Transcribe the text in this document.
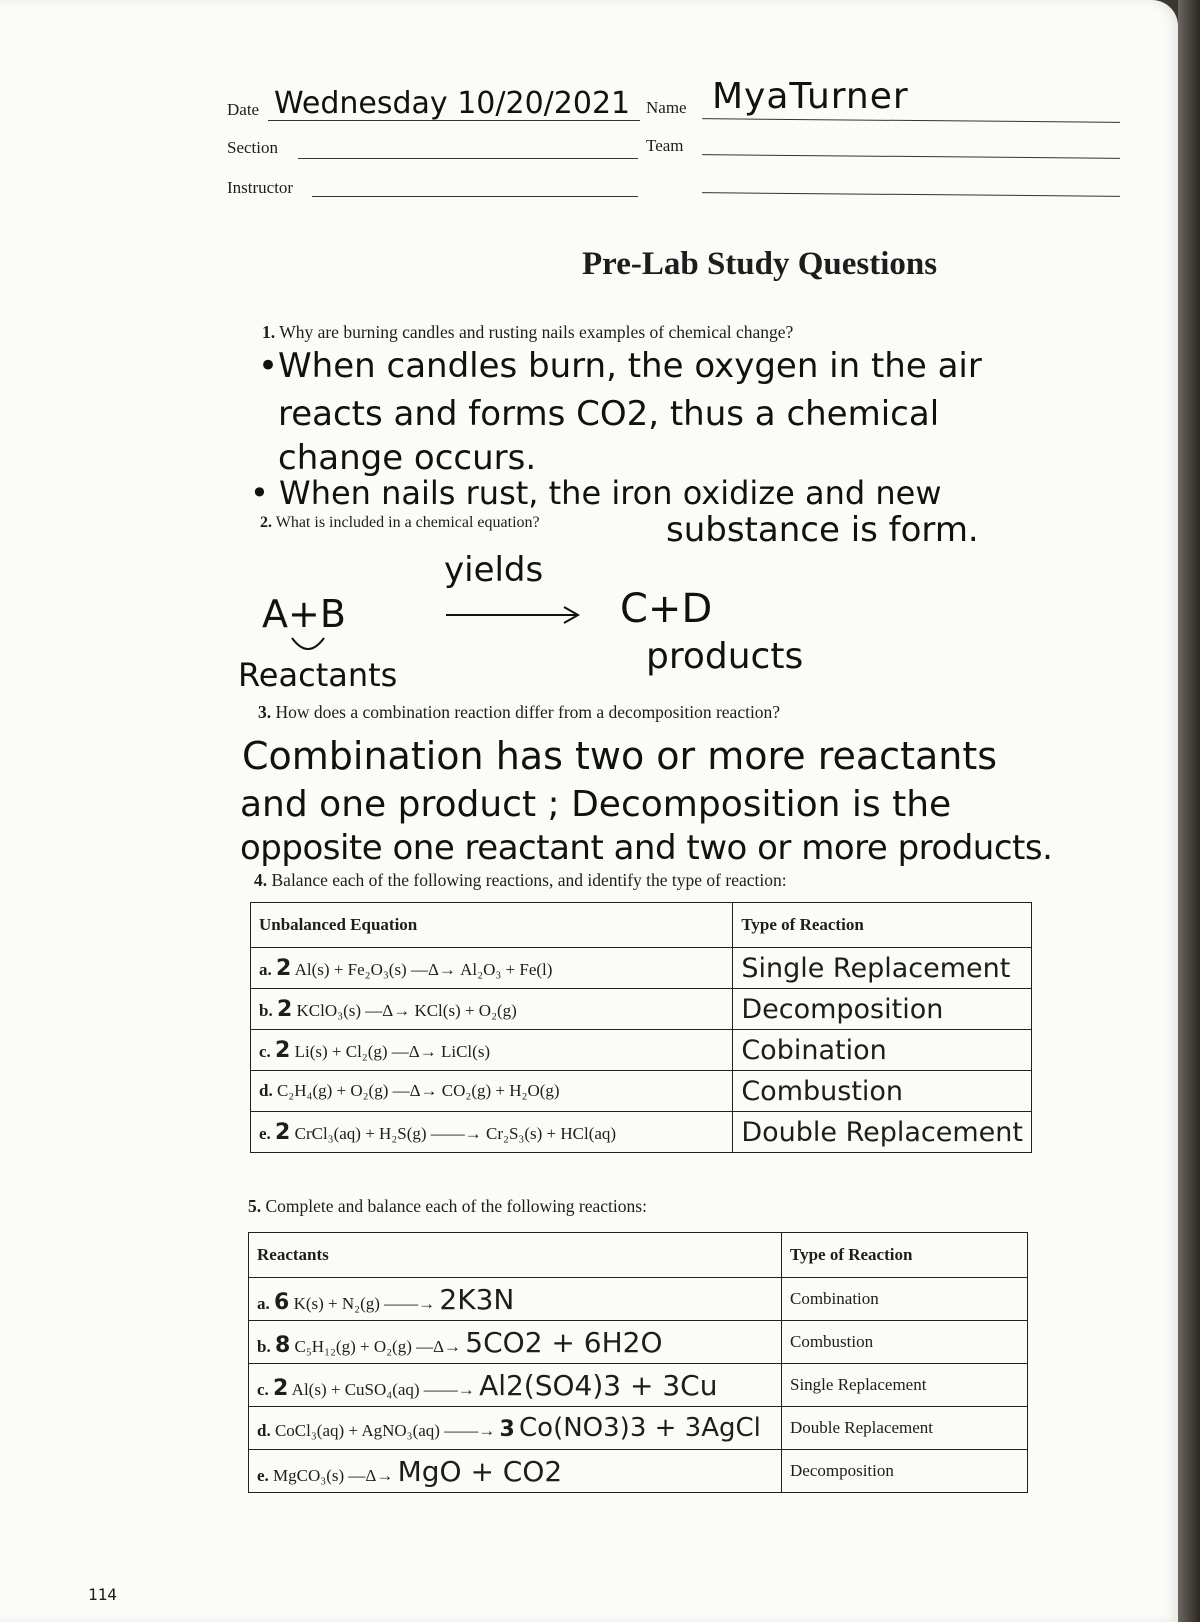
Date Wednesday 10/20/2021 Name MyaTurner
Section	Team
Instructor
Pre-Lab Study Questions
1. Why are burning candles and rusting nails examples of chemical change?
•When candles burn, the oxygen in the air
reacts and forms CO2, thus a chemical
change occurs.
• When nails rust, the iron oxidize and new
substance is form.
2. What is included in a chemical equation?
yields
A+B	C+D
Reactants	products
3. How does a combination reaction differ from a decomposition reaction?
Combination has two or more reactants
and one product ; Decomposition is the
opposite one reactant and two or more products.
4. Balance each of the following reactions, and identify the type of reaction:
Unbalanced Equation	Type of Reaction
a. 2 Al(s) + Fe₂O₃(s) —Δ→ Al₂O₃ + Fe(l)	Single Replacement
b. 2 KClO₃(s) —Δ→ KCl(s) + O₂(g)	Decomposition
c. 2 Li(s) + Cl₂(g) —Δ→ LiCl(s)	Cobination
d. C₂H₄(g) + O₂(g) —Δ→ CO₂(g) + H₂O(g)	Combustion
e. 2 CrCl₃(aq) + H₂S(g) ——→ Cr₂S₃(s) + HCl(aq)	Double Replacement
5. Complete and balance each of the following reactions:
Reactants	Type of Reaction
a. 6 K(s) + N₂(g) ——→ 2K3N	Combination
b. 8 C₅H₁₂(g) + O₂(g) —Δ→ 5CO2 + 6H2O	Combustion
c. 2 Al(s) + CuSO₄(aq) ——→ Al2(SO4)3 + 3Cu	Single Replacement
d. CoCl₃(aq) + AgNO₃(aq) ——→ 3 Co(NO3)3 + 3AgCl	Double Replacement
e. MgCO₃(s) —Δ→ MgO + CO2	Decomposition
114
